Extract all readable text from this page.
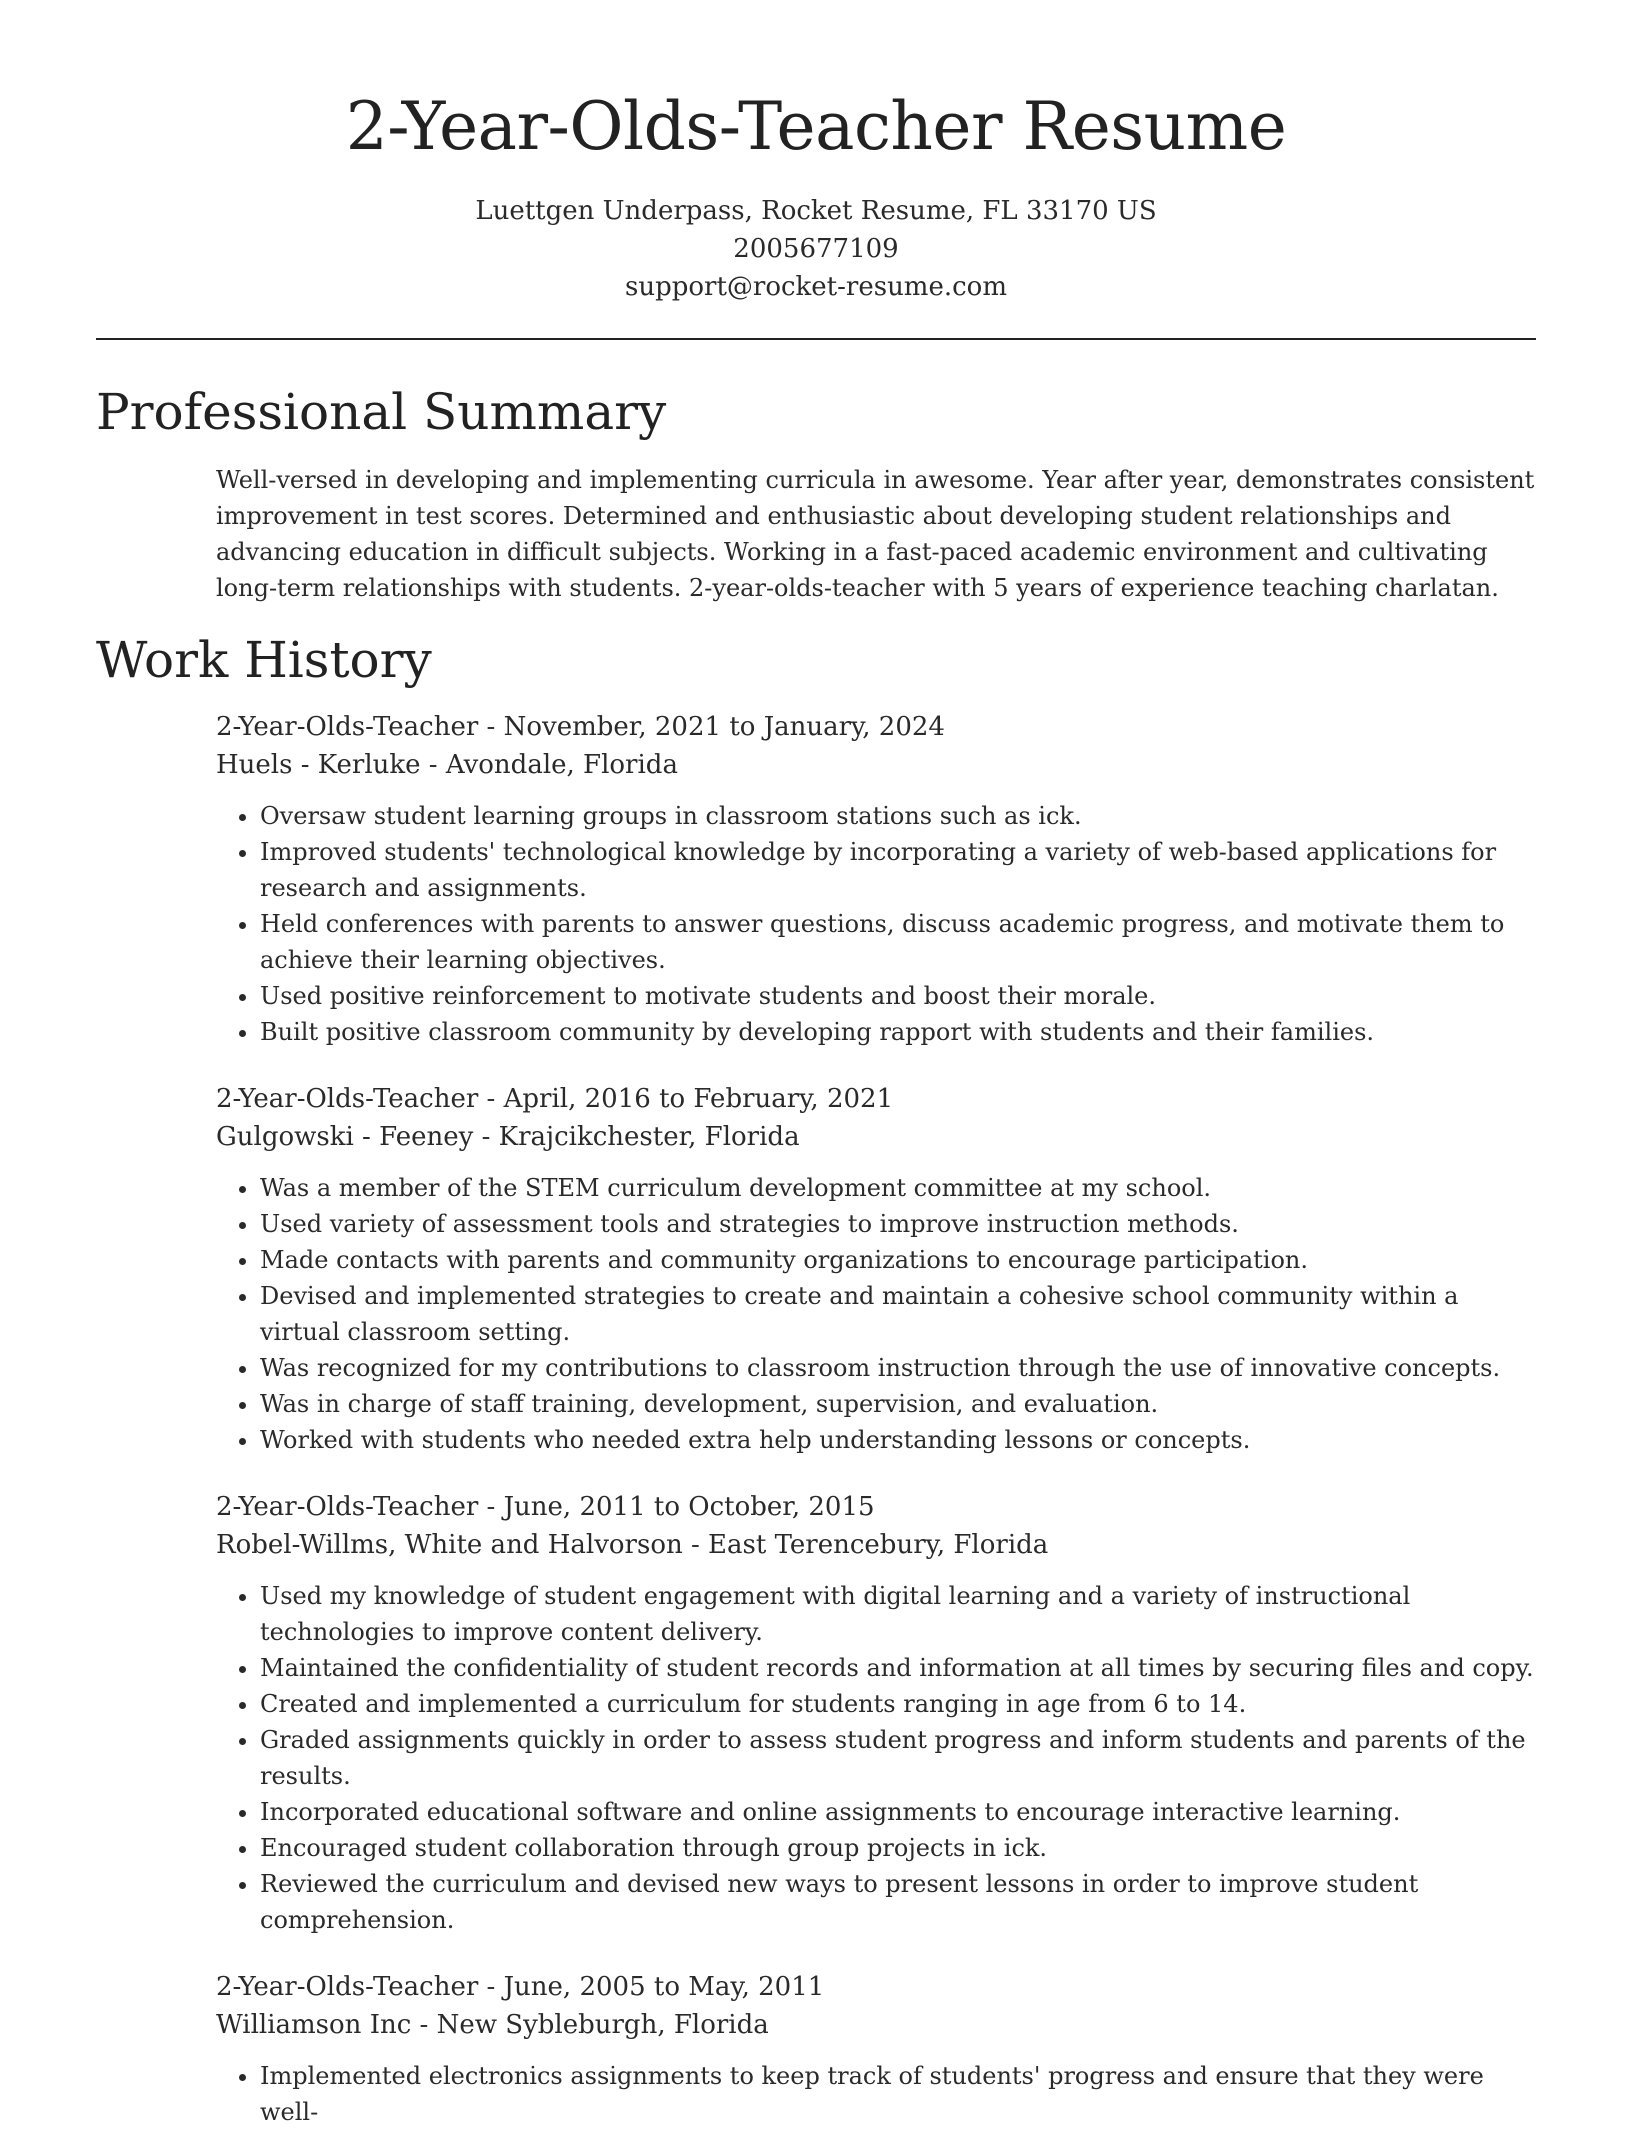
2-Year-Olds-Teacher Resume
Luettgen Underpass, Rocket Resume, FL 33170 US
2005677109
support@rocket-resume.com
Professional Summary
Well-versed in developing and implementing curricula in awesome. Year after year, demonstrates consistent improvement in test scores. Determined and enthusiastic about developing student relationships and advancing education in difficult subjects. Working in a fast-paced academic environment and cultivating long-term relationships with students. 2-year-olds-teacher with 5 years of experience teaching charlatan.
Work History
2-Year-Olds-Teacher - November, 2021 to January, 2024
Huels - Kerluke - Avondale, Florida
• Oversaw student learning groups in classroom stations such as ick.
• Improved students' technological knowledge by incorporating a variety of web-based applications for research and assignments.
• Held conferences with parents to answer questions, discuss academic progress, and motivate them to achieve their learning objectives.
• Used positive reinforcement to motivate students and boost their morale.
• Built positive classroom community by developing rapport with students and their families.
2-Year-Olds-Teacher - April, 2016 to February, 2021
Gulgowski - Feeney - Krajcikchester, Florida
• Was a member of the STEM curriculum development committee at my school.
• Used variety of assessment tools and strategies to improve instruction methods.
• Made contacts with parents and community organizations to encourage participation.
• Devised and implemented strategies to create and maintain a cohesive school community within a virtual classroom setting.
• Was recognized for my contributions to classroom instruction through the use of innovative concepts.
• Was in charge of staff training, development, supervision, and evaluation.
• Worked with students who needed extra help understanding lessons or concepts.
2-Year-Olds-Teacher - June, 2011 to October, 2015
Robel-Willms, White and Halvorson - East Terencebury, Florida
• Used my knowledge of student engagement with digital learning and a variety of instructional technologies to improve content delivery.
• Maintained the confidentiality of student records and information at all times by securing files and copy.
• Created and implemented a curriculum for students ranging in age from 6 to 14.
• Graded assignments quickly in order to assess student progress and inform students and parents of the results.
• Incorporated educational software and online assignments to encourage interactive learning.
• Encouraged student collaboration through group projects in ick.
• Reviewed the curriculum and devised new ways to present lessons in order to improve student comprehension.
2-Year-Olds-Teacher - June, 2005 to May, 2011
Williamson Inc - New Sybleburgh, Florida
• Implemented electronics assignments to keep track of students' progress and ensure that they were well-
